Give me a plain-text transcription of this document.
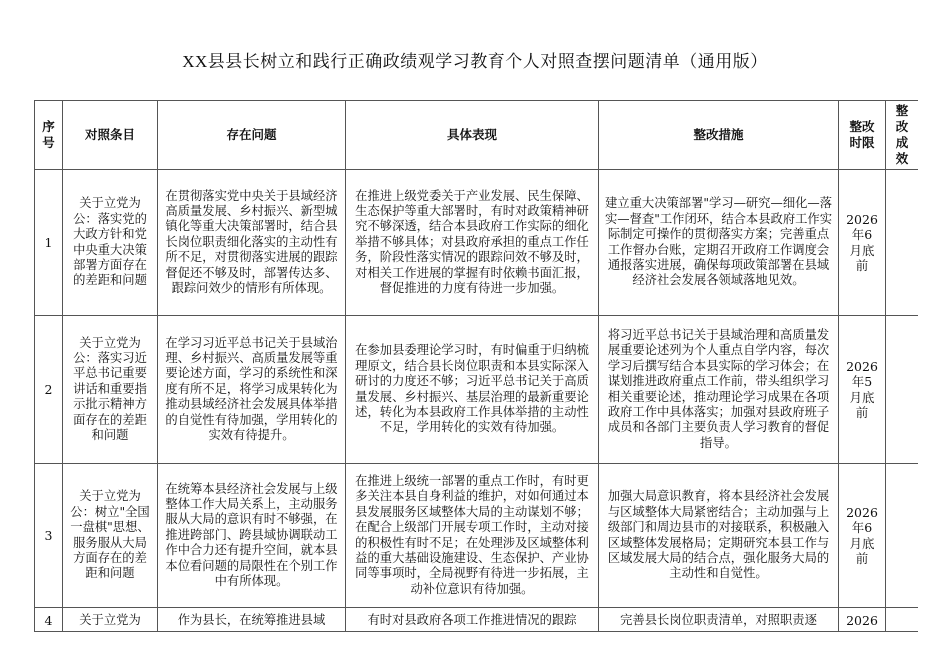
XX县县长树立和践行正确政绩观学习教育个人对照查摆问题清单（通用版）
序号	对照条目	存在问题	具体表现	整改措施	整改时限	整改成效
1	关于立党为公：落实党的大政方针和党中央重大决策部署方面存在的差距和问题	在贯彻落实党中央关于县域经济高质量发展、乡村振兴、新型城镇化等重大决策部署时，结合县长岗位职责细化落实的主动性有所不足，对贯彻落实进展的跟踪督促还不够及时，部署传达多、跟踪问效少的情形有所体现。	在推进上级党委关于产业发展、民生保障、生态保护等重大部署时，有时对政策精神研究不够深透，结合本县政府工作实际的细化举措不够具体；对县政府承担的重点工作任务，阶段性落实情况的跟踪问效不够及时，对相关工作进展的掌握有时依赖书面汇报，督促推进的力度有待进一步加强。	建立重大决策部署"学习—研究—细化—落实—督查"工作闭环，结合本县政府工作实际制定可操作的贯彻落实方案；完善重点工作督办台账，定期召开政府工作调度会通报落实进展，确保每项政策部署在县域经济社会发展各领域落地见效。	2026年6月底前	
2	关于立党为公：落实习近平总书记重要讲话和重要指示批示精神方面存在的差距和问题	在学习习近平总书记关于县域治理、乡村振兴、高质量发展等重要论述方面，学习的系统性和深度有所不足，将学习成果转化为推动县域经济社会发展具体举措的自觉性有待加强，学用转化的实效有待提升。	在参加县委理论学习时，有时偏重于归纳梳理原文，结合县长岗位职责和本县实际深入研讨的力度还不够；习近平总书记关于高质量发展、乡村振兴、基层治理的最新重要论述，转化为本县政府工作具体举措的主动性不足，学用转化的实效有待加强。	将习近平总书记关于县域治理和高质量发展重要论述列为个人重点自学内容，每次学习后撰写结合本县实际的学习体会；在谋划推进政府重点工作前，带头组织学习相关重要论述，推动理论学习成果在各项政府工作中具体落实；加强对县政府班子成员和各部门主要负责人学习教育的督促指导。	2026年5月底前	
3	关于立党为公：树立"全国一盘棋"思想、服务服从大局方面存在的差距和问题	在统筹本县经济社会发展与上级整体工作大局关系上，主动服务服从大局的意识有时不够强，在推进跨部门、跨县域协调联动工作中合力还有提升空间，就本县本位看问题的局限性在个别工作中有所体现。	在推进上级统一部署的重点工作时，有时更多关注本县自身利益的维护，对如何通过本县发展服务区域整体大局的主动谋划不够；在配合上级部门开展专项工作时，主动对接的积极性有时不足；在处理涉及区域整体利益的重大基础设施建设、生态保护、产业协同等事项时，全局视野有待进一步拓展，主动补位意识有待加强。	加强大局意识教育，将本县经济社会发展与区域整体大局紧密结合；主动加强与上级部门和周边县市的对接联系，积极融入区域整体发展格局；定期研究本县工作与区域发展大局的结合点，强化服务大局的主动性和自觉性。	2026年6月底前	
4	关于立党为	作为县长，在统筹推进县域	有时对县政府各项工作推进情况的跟踪	完善县长岗位职责清单，对照职责逐	2026	
